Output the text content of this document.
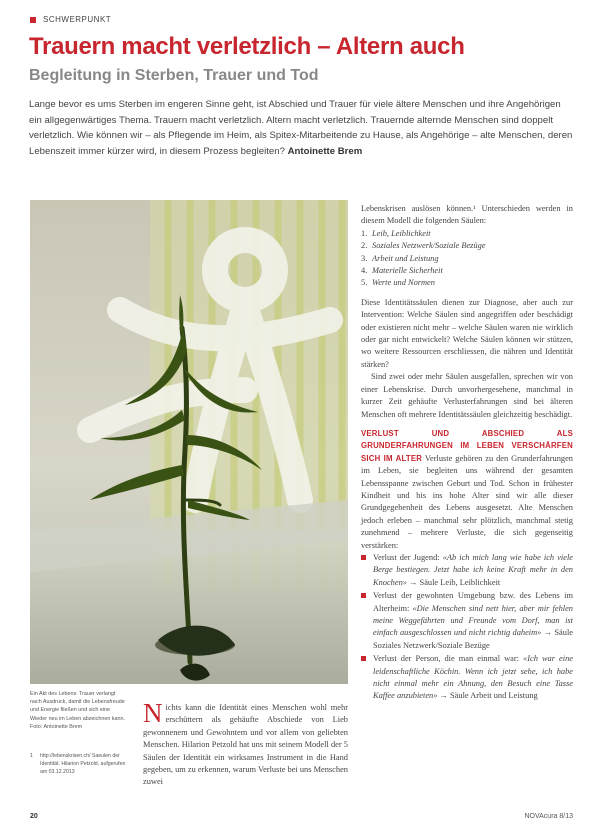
SCHWERPUNKT
Trauern macht verletzlich – Altern auch
Begleitung in Sterben, Trauer und Tod

Lange bevor es ums Sterben im engeren Sinne geht, ist Abschied und Trauer für viele ältere Menschen und ihre Angehörigen ein allgegenwärtiges Thema. Trauern macht verletzlich. Altern macht verletzlich. Trauernde alternde Menschen sind doppelt verletzlich. Wie können wir – als Pflegende im Heim, als Spitex-Mitarbeitende zu Hause, als Angehörige – alte Menschen, deren Lebenszeit immer kürzer wird, in diesem Prozess begleiten? Antoinette Brem

Ein Akt des Lebens: Trauer verlangt nach Ausdruck, damit die Lebensfreude und Energie fließen und sich eine Wieder neu im Leben abzeichnen kann. Foto: Antoinette Brem

1	http://lebenskrisen.ch/ Saeulen der Identität. Hilarion Petzold, aufgerufen am 03.12.2013
Nichts kann die Identität eines Menschen wohl mehr erschüttern als gehäufte Abschiede von Lieb gewonnenem und Gewohntem und vor allem von geliebten Menschen. Hilarion Petzold hat uns mit seinem Modell der 5 Säulen der Identität ein wirksames Instrument in die Hand gegeben, um zu erkennen, warum Verluste bei uns Menschen zuwei

Lebenskrisen auslösen können.¹ Unterschieden werden in diesem Modell die folgenden Säulen:

1. Leib, Leiblichkeit
2. Soziales Netzwerk/Soziale Bezüge
3. Arbeit und Leistung
4. Materielle Sicherheit
5. Werte und Normen

Diese Identitätssäulen dienen zur Diagnose, aber auch zur Intervention: Welche Säulen sind angegriffen oder beschädigt oder existieren nicht mehr – welche Säulen waren nie wirklich oder gar nicht entwickelt? Welche Säulen können wir stützen, wo weitere Ressourcen erschliessen, die nähren und Identität stärken?

Sind zwei oder mehr Säulen ausgefallen, sprechen wir von einer Lebenskrise. Durch unvorhergesehene, manchmal in kurzer Zeit gehäufte Verlusterfahrungen sind bei älteren Menschen oft mehrere Identitätssäulen gleichzeitig beschädigt.

VERLUST UND ABSCHIED ALS GRUNDERFAHRUNGEN IM LEBEN VERSCHÄRFEN SICH IM ALTER Verluste gehören zu den Grunderfahrungen im Leben, sie begleiten uns während der gesamten Lebensspanne zwischen Geburt und Tod. Schon in frühester Kindheit und bis ins hohe Alter sind wir alle dieser Grundgegebenheit des Lebens ausgesetzt. Alte Menschen jedoch erleben – manchmal sehr plötzlich, manchmal stetig zunehmend – mehrere Verluste, die sich gegenseitig verstärken:

Verlust der Jugend: «Ab ich mich lang wie habe ich viele Berge bestiegen. Jetzt habe ich keine Kraft mehr in den Knochen» → Säule Leib, Leiblichkeit
Verlust der gewohnten Umgebung bzw. des Lebens im Alterheim: «Die Menschen sind nett hier, aber mir fehlen meine Weggefährten und Freunde vom Dorf, man ist einfach ausgeschlossen und nicht richtig daheim» → Säule Soziales Netzwerk/Soziale Bezüge
Verlust der Person, die man einmal war: «Ich war eine leidenschaftliche Köchin. Wenn ich jetzt sehe, ich habe nicht einmal mehr ein Ahnung, den Besuch eine Tasse Kaffee anzubieten» → Säule Arbeit und Leistung
20	NOVAcura 8/13
